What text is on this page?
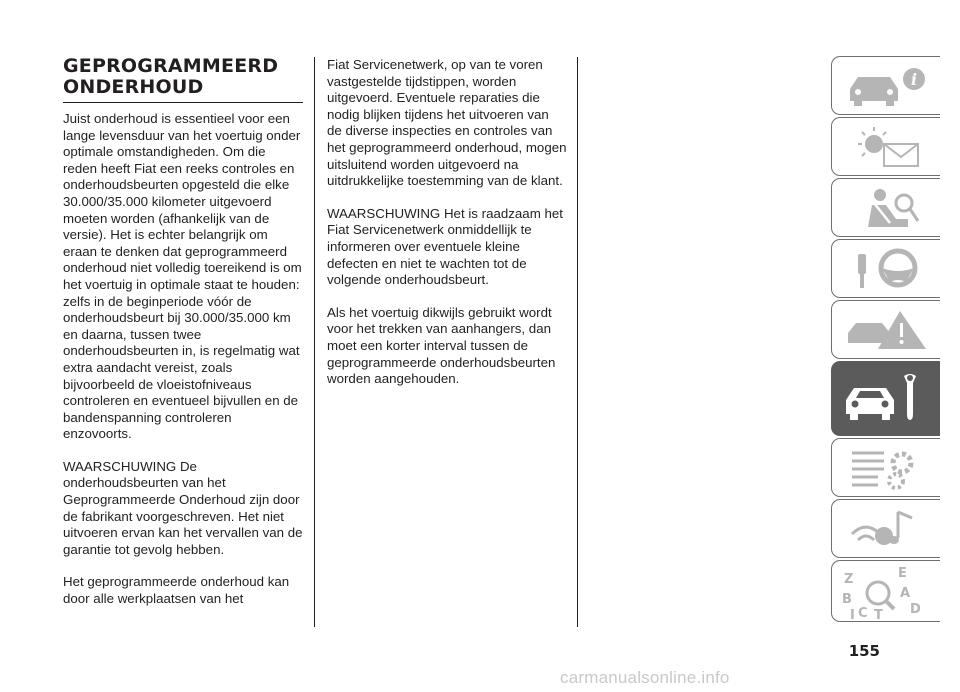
GEPROGRAMMEERD
ONDERHOUD

Juist onderhoud is essentieel voor een lange levensduur van het voertuig onder optimale omstandigheden. Om die reden heeft Fiat een reeks controles en onderhoudsbeurten opgesteld die elke 30.000/35.000 kilometer uitgevoerd moeten worden (afhankelijk van de versie). Het is echter belangrijk om eraan te denken dat geprogrammeerd onderhoud niet volledig toereikend is om het voertuig in optimale staat te houden: zelfs in de beginperiode vóór de onderhoudsbeurt bij 30.000/35.000 km en daarna, tussen twee onderhoudsbeurten in, is regelmatig wat extra aandacht vereist, zoals bijvoorbeeld de vloeistofniveaus controleren en eventueel bijvullen en de bandenspanning controleren enzovoorts.

WAARSCHUWING De onderhoudsbeurten van het Geprogrammeerde Onderhoud zijn door de fabrikant voorgeschreven. Het niet uitvoeren ervan kan het vervallen van de garantie tot gevolg hebben.

Het geprogrammeerde onderhoud kan door alle werkplaatsen van het

Fiat Servicenetwerk, op van te voren vastgestelde tijdstippen, worden uitgevoerd. Eventuele reparaties die nodig blijken tijdens het uitvoeren van de diverse inspecties en controles van het geprogrammeerd onderhoud, mogen uitsluitend worden uitgevoerd na uitdrukkelijke toestemming van de klant.

WAARSCHUWING Het is raadzaam het Fiat Servicenetwerk onmiddellijk te informeren over eventuele kleine defecten en niet te wachten tot de volgende onderhoudsbeurt.

Als het voertuig dikwijls gebruikt wordt voor het trekken van aanhangers, dan moet een korter interval tussen de geprogrammeerde onderhoudsbeurten worden aangehouden.

i
Z	E
A
B
C T D
I
155
carmanualsonline.info
